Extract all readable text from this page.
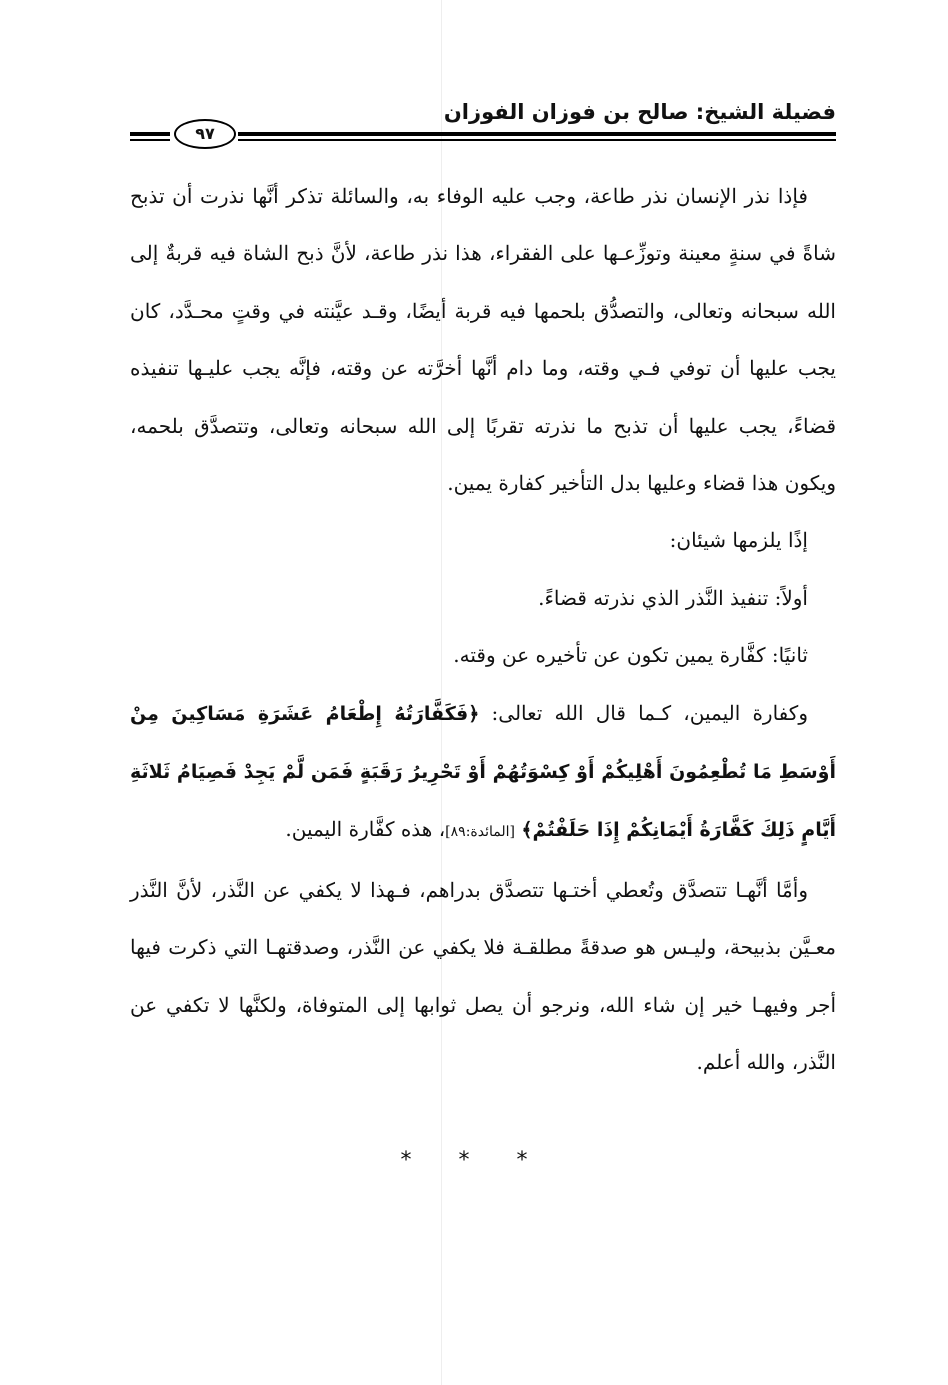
فضيلة الشيخ: صالح بن فوزان الفوزان
٩٧

فإذا نذر الإنسان نذر طاعة، وجب عليه الوفاء به، والسائلة تذكر أنَّها نذرت أن تذبح شاةً في سنةٍ معينة وتوزِّعـها على الفقراء، هذا نذر طاعة، لأنَّ ذبح الشاة فيه قربةٌ إلى الله سبحانه وتعالى، والتصدُّق بلحمها فيه قربة أيضًا، وقـد عيَّنته في وقتٍ محـدَّد، كان يجب عليها أن توفي فـي وقته، وما دام أنَّها أخرَّته عن وقته، فإنَّه يجب عليـها تنفيذه قضاءً، يجب عليها أن تذبح ما نذرته تقربًا إلى الله سبحانه وتعالى، وتتصدَّق بلحمه، ويكون هذا قضاء وعليها بدل التأخير كفارة يمين.

إذًا يلزمها شيئان:

أولاً: تنفيذ النَّذر الذي نذرته قضاءً.

ثانيًا: كفَّارة يمين تكون عن تأخيره عن وقته.

وكفارة اليمين، كـما قال الله تعالى: ﴿فَكَفَّارَتُهُ إِطْعَامُ عَشَرَةِ مَسَاكِينَ مِنْ أَوْسَطِ مَا تُطْعِمُونَ أَهْلِيكُمْ أَوْ كِسْوَتُهُمْ أَوْ تَحْرِيرُ رَقَبَةٍ فَمَن لَّمْ يَجِدْ فَصِيَامُ ثَلاثَةِ أَيَّامٍ ذَلِكَ كَفَّارَةُ أَيْمَانِكُمْ إِذَا حَلَفْتُمْ﴾ [المائدة:٨٩]، هذه كفَّارة اليمين.

وأمَّا أنَّهـا تتصدَّق وتُعطي أختـها تتصدَّق بدراهم، فـهذا لا يكفي عن النَّذر، لأنَّ النَّذر معـيَّن بذبيحة، وليـس هو صدقةً مطلقـة فلا يكفي عن النَّذر، وصدقتهـا التي ذكرت فيها أجر وفيهـا خير إن شاء الله، ونرجو أن يصل ثوابها إلى المتوفاة، ولكنَّها لا تكفي عن النَّذر، والله أعلم.

* * *
